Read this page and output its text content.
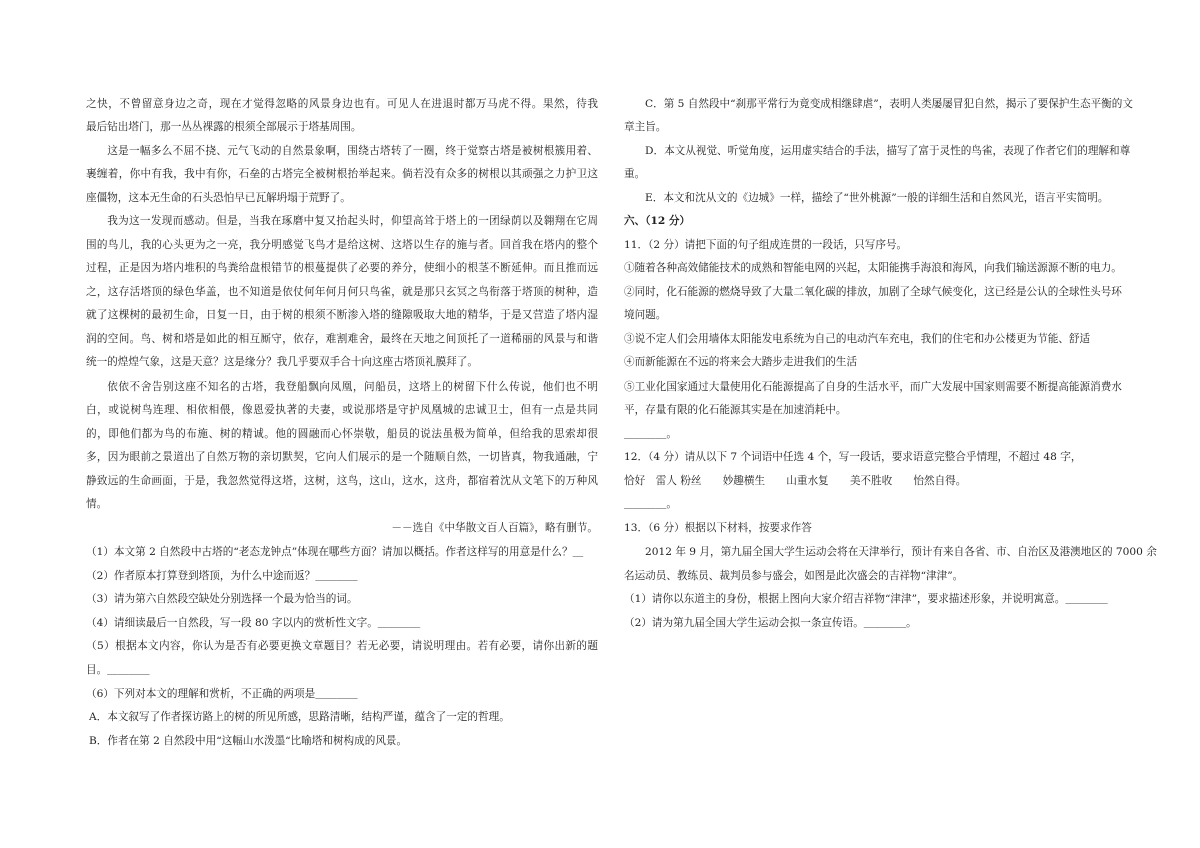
之快，不曾留意身边之奇，现在才觉得忽略的风景身边也有。可见人在进退时都万马虎不得。果然，待我
最后钻出塔门，那一丛丛裸露的根须全部展示于塔基周围。
这是一幅多么不屈不挠、元气飞动的自然景象啊，围绕古塔转了一圈，终于觉察古塔是被树根簇用着、
裹缠着，你中有我，我中有你，石垒的古塔完全被树根抬举起来。倘若没有众多的树根以其顽强之力护卫这
座僵物，这本无生命的石头恐怕早已瓦解坍塌于荒野了。
我为这一发现而感动。但是，当我在琢磨中复又抬起头时，仰望高耸于塔上的一团绿荫以及翱翔在它周
围的鸟儿，我的心头更为之一亮，我分明感觉飞鸟才是给这树、这塔以生存的施与者。回首我在塔内的整个
过程，正是因为塔内堆积的鸟粪给盘根错节的根蔓提供了必要的养分，使细小的根茎不断延伸。而且推而远
之，这存活塔顶的绿色华盖，也不知道是依仗何年何月何只鸟雀，就是那只玄冥之鸟衔落于塔顶的树种，造
就了这棵树的最初生命，日复一日，由于树的根须不断渗入塔的缝隙吸取大地的精华，于是又营造了塔内湿
润的空间。鸟、树和塔是如此的相互厮守，依存，难割难舍，最终在天地之间顶托了一道稀丽的风景与和谐
统一的煌煌气象，这是天意？这是缘分？我几乎要双手合十向这座古塔顶礼膜拜了。
依依不舍告别这座不知名的古塔，我登船飘向凤凰，问船员，这塔上的树留下什么传说，他们也不明
白，或说树鸟连理、相依相偎，像恩爱执著的夫妻，或说那塔是守护凤凰城的忠诚卫士，但有一点是共同
的，即他们都为鸟的布施、树的精诚。他的圆融而心怀崇敬，船员的说法虽极为简单，但给我的思索却很
多，因为眼前之景道出了自然万物的亲切默契，它向人们展示的是一个随顺自然，一切皆真，物我通融，宁
静致远的生命画面，于是，我忽然觉得这塔，这树，这鸟，这山，这水，这舟，都宿着沈从文笔下的万种风
情。
－－选自《中华散文百人百篇》，略有删节。
（1）本文第 2 自然段中古塔的“老态龙钟点”体现在哪些方面？请加以概括。作者这样写的用意是什么？＿
（2）作者原本打算登到塔顶，为什么中途而返？＿＿＿＿
（3）请为第六自然段空缺处分别选择一个最为恰当的词。
（4）请细读最后一自然段，写一段 80 字以内的赏析性文字。＿＿＿＿
（5）根据本文内容，你认为是否有必要更换文章题目？若无必要，请说明理由。若有必要，请你出新的题
目。＿＿＿＿
（6）下列对本文的理解和赏析，不正确的两项是＿＿＿＿
A．本文叙写了作者探访路上的树的所见所感，思路清晰，结构严谨，蕴含了一定的哲理。
B．作者在第 2 自然段中用“这幅山水泼墨“比喻塔和树构成的风景。
C．第 5 自然段中“刹那平常行为竟变成相继肆虐”，表明人类屡屡冒犯自然，揭示了要保护生态平衡的文
章主旨。
D．本文从视觉、听觉角度，运用虚实结合的手法，描写了富于灵性的鸟雀，表现了作者它们的理解和尊
重。
E．本文和沈从文的《边城》一样，描绘了“世外桃源”一般的详细生活和自然风光，语言平实简明。
六、（12 分）
11．（2 分）请把下面的句子组成连贯的一段话，只写序号。
①随着各种高效储能技术的成熟和智能电网的兴起，太阳能携手海浪和海风，向我们输送源源不断的电力。
②同时，化石能源的燃烧导致了大量二氧化碳的排放，加剧了全球气候变化，这已经是公认的全球性头号环
境问题。
③说不定人们会用墙体太阳能发电系统为自己的电动汽车充电，我们的住宅和办公楼更为节能、舒适
④而新能源在不远的将来会大踏步走进我们的生活
⑤工业化国家通过大量使用化石能源提高了自身的生活水平，而广大发展中国家则需要不断提高能源消费水
平，存量有限的化石能源其实是在加速消耗中。
＿＿＿＿。
12．（4 分）请从以下 7 个词语中任选 4 个，写一段话，要求语意完整合乎情理，不超过 48 字，
恰好　雷人 粉丝　　妙趣横生　　山重水复　　美不胜收　　怡然自得。
＿＿＿＿。
13．（6 分）根据以下材料，按要求作答
2012 年 9 月，第九届全国大学生运动会将在天津举行，预计有来自各省、市、自治区及港澳地区的 7000 余
名运动员、教练员、裁判员参与盛会，如图是此次盛会的吉祥物“津津”。
（1）请你以东道主的身份，根据上图向大家介绍吉祥物“津津”，要求描述形象，并说明寓意。＿＿＿＿
（2）请为第九届全国大学生运动会拟一条宣传语。＿＿＿＿。
